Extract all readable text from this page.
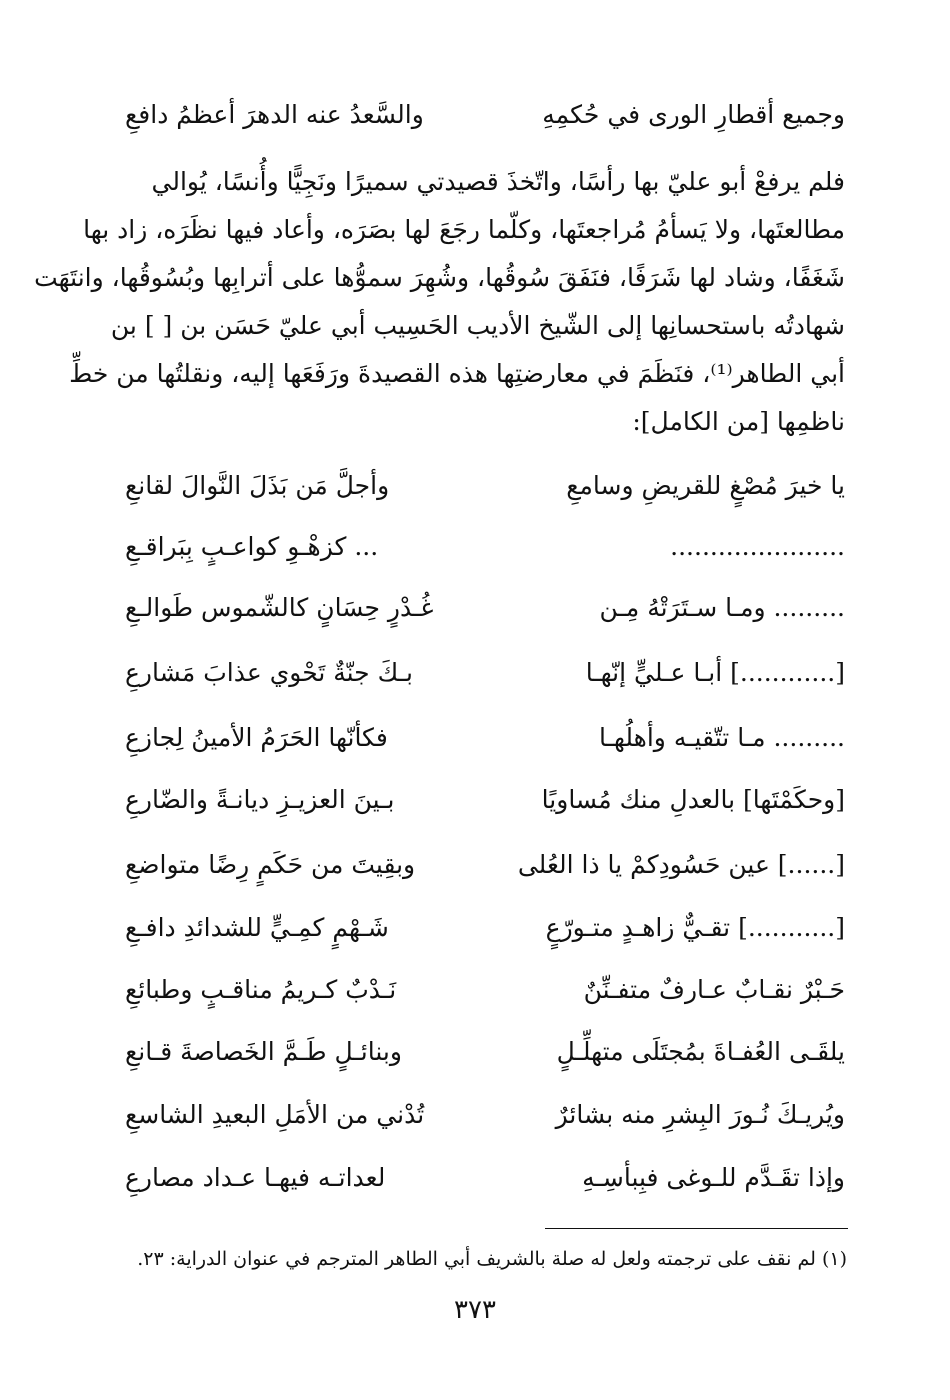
وجميع أقطارِ الورى في حُكمِهِ
والسَّعدُ عنه الدهرَ أعظمُ دافعِ
فلم يرفعْ أبو عليّ بها رأسًا، واتّخذَ قصيدتي سميرًا ونَجِيًّا وأُنسًا، يُوالي
مطالعتَها، ولا يَسأمُ مُراجعتَها، وكلّما رجَعَ لها بصَرَه، وأعاد فيها نظَرَه، زاد بها
شَغَفًا، وشاد لها شَرَفًا، فنَفَقَ سُوقُها، وشُهِرَ سموُّها على أترابِها وبُسُوقُها، وانتَهَت
شهادتُه باستحسانِها إلى الشّيخ الأديب الحَسِيب أبي عليّ حَسَن بن [ ] بن
أبي الطاهر⁽¹⁾، فنَظَمَ في معارضتِها هذه القصيدةَ ورَفَعَها إليه، ونقلتُها من خطِّ
ناظمِها [من الكامل]:
يا خيرَ مُصْغٍ للقريضِ وسامعِ
وأجلَّ مَن بَذَلَ النَّوالَ لقانعِ
......................
... كزهْـوِ كواعـبٍ بِبَراقـعِ
......... ومـا سـتَرَتْهُ مِـن
غُـدْرٍ حِسَانٍ كالشّموس طَوالـعِ
[............] أبـا عـليٍّ إنّهـا
بـكَ جنّةٌ تَحْوي عذابَ مَشارعِ
......... مـا تتّقيـه وأهلُهـا
فكأنّها الحَرَمُ الأمينُ لِجازعِ
[وحكَمْتَها] بالعدلِ منك مُساويًا
بـينَ العزيـزِ ديانـةً والضّارعِ
[......] عين حَسُودِكمْ يا ذا العُلى
وبقِيتَ من حَكَمٍ رِضًا متواضعِ
[...........] تقـيٌّ زاهـدٍ متـورّعٍ
شَـهْمٍ كمِـيٍّ للشدائدِ دافـعِ
حَـبْرٌ نقـابٌ عـارفٌ متفـنِّنٌ
نَـدْبٌ كـريمُ مناقـبٍ وطبائعِ
يلقَـى العُفـاةَ بمُجتَلَى متهلِّـلٍ
وبنائـلٍ طَـمَّ الخَصاصةَ قـانعِ
ويُريـكَ نُـورَ البِشرِ منه بشائرٌ
تُدْني من الأمَلِ البعيدِ الشاسعِ
وإذا تقَـدَّم للـوغى فبِبأسِـهِ
لعداتـه فيهـا عـداد مصارعِ
(١) لم نقف على ترجمته ولعل له صلة بالشريف أبي الطاهر المترجم في عنوان الدراية: ٢٣.
٣٧٣
